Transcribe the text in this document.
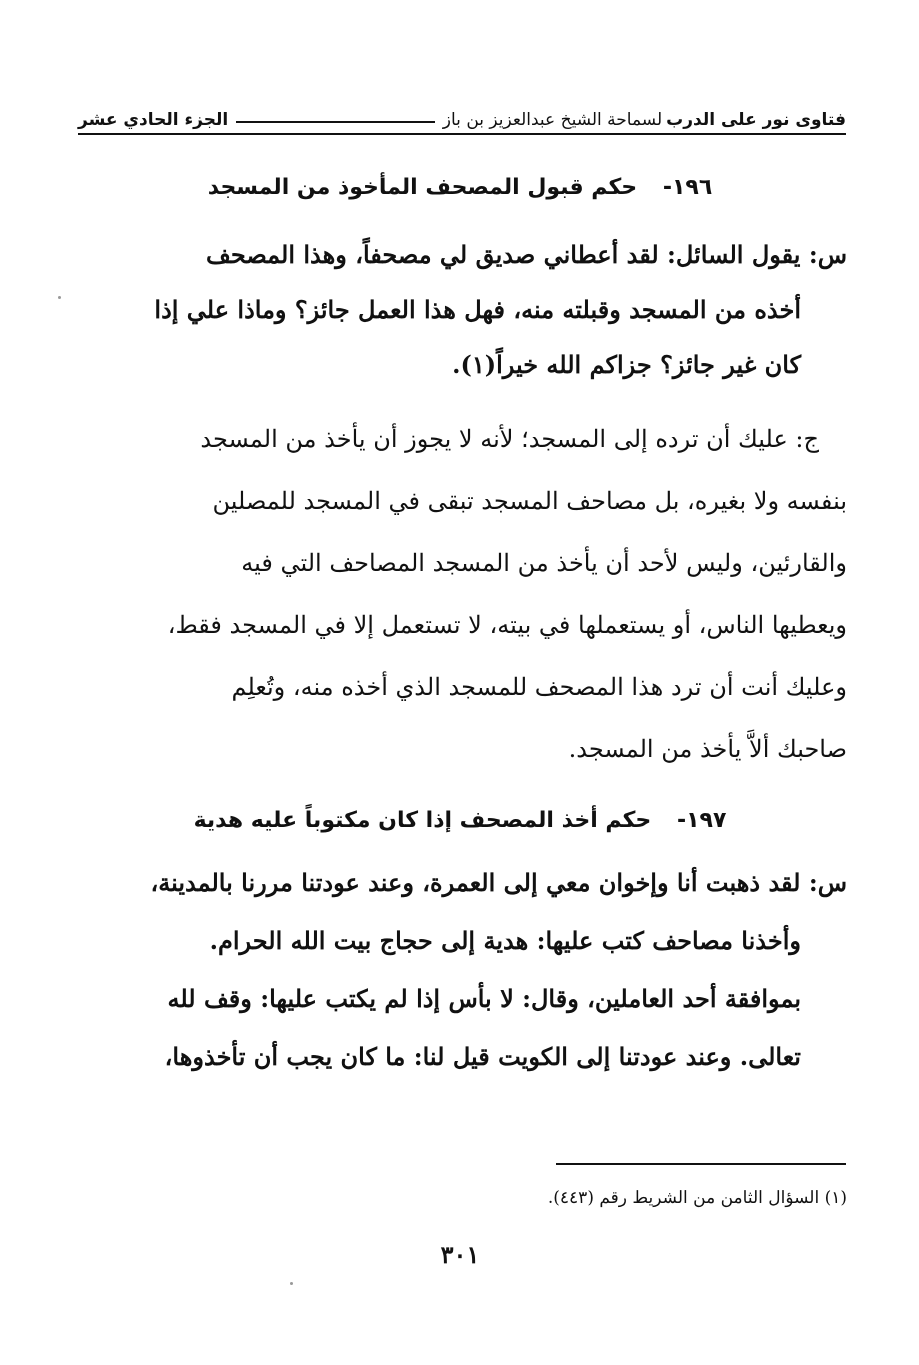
فتاوى نور على الدرب
لسماحة الشيخ عبدالعزيز بن باز
الجزء الحادي عشر
١٩٦- حكم قبول المصحف المأخوذ من المسجد
س: يقول السائل: لقد أعطاني صديق لي مصحفاً، وهذا المصحف
أخذه من المسجد وقبلته منه، فهل هذا العمل جائز؟ وماذا علي إذا
كان غير جائز؟ جزاكم الله خيراً(١).
ج: عليك أن ترده إلى المسجد؛ لأنه لا يجوز أن يأخذ من المسجد
بنفسه ولا بغيره، بل مصاحف المسجد تبقى في المسجد للمصلين
والقارئين، وليس لأحد أن يأخذ من المسجد المصاحف التي فيه
ويعطيها الناس، أو يستعملها في بيته، لا تستعمل إلا في المسجد فقط،
وعليك أنت أن ترد هذا المصحف للمسجد الذي أخذه منه، وتُعلِم
صاحبك ألاَّ يأخذ من المسجد.
١٩٧- حكم أخذ المصحف إذا كان مكتوباً عليه هدية
س: لقد ذهبت أنا وإخوان معي إلى العمرة، وعند عودتنا مررنا بالمدينة،
وأخذنا مصاحف كتب عليها: هدية إلى حجاج بيت الله الحرام.
بموافقة أحد العاملين، وقال: لا بأس إذا لم يكتب عليها: وقف لله
تعالى. وعند عودتنا إلى الكويت قيل لنا: ما كان يجب أن تأخذوها،
(١) السؤال الثامن من الشريط رقم (٤٤٣).
٣٠١
